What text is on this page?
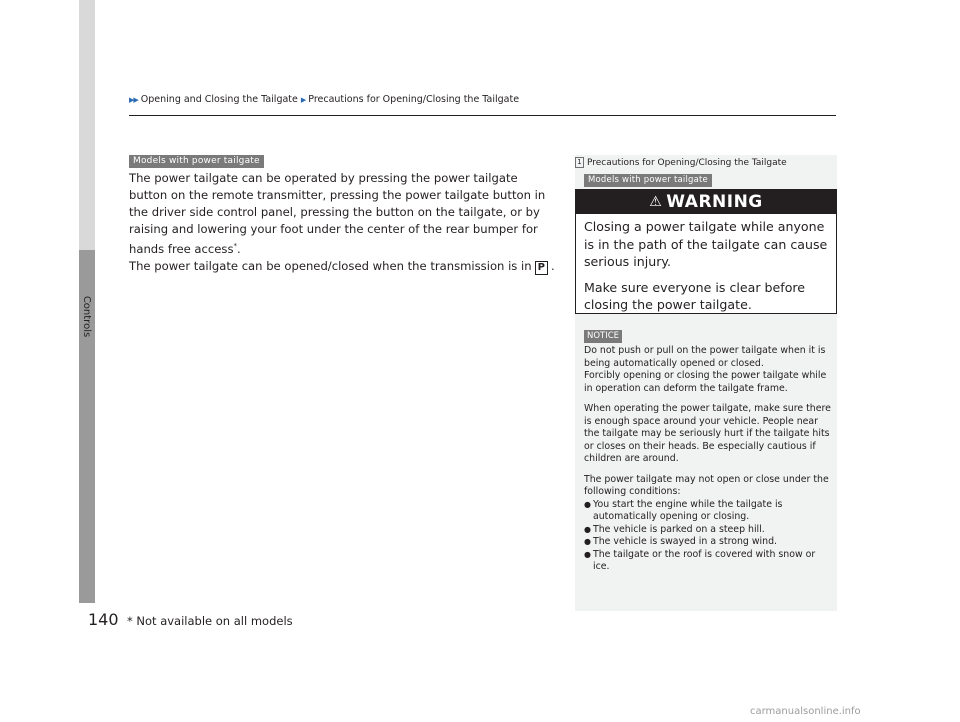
Controls
▶▶ Opening and Closing the Tailgate ▶ Precautions for Opening/Closing the Tailgate
Models with power tailgate

The power tailgate can be operated by pressing the power tailgate button on the remote transmitter, pressing the power tailgate button in the driver side control panel, pressing the button on the tailgate, or by raising and lowering your foot under the center of the rear bumper for hands free access*.

The power tailgate can be opened/closed when the transmission is in P .

1 Precautions for Opening/Closing the Tailgate
Models with power tailgate
⚠ WARNING

Closing a power tailgate while anyone is in the path of the tailgate can cause serious injury.

Make sure everyone is clear before closing the power tailgate.

NOTICE
Do not push or pull on the power tailgate when it is being automatically opened or closed.

Forcibly opening or closing the power tailgate while in operation can deform the tailgate frame.

When operating the power tailgate, make sure there is enough space around your vehicle. People near the tailgate may be seriously hurt if the tailgate hits or closes on their heads. Be especially cautious if children are around.

The power tailgate may not open or close under the following conditions:
● You start the engine while the tailgate is automatically opening or closing.
● The vehicle is parked on a steep hill.
● The vehicle is swayed in a strong wind.
● The tailgate or the roof is covered with snow or ice.
140 * Not available on all models
carmanualsonline.info
